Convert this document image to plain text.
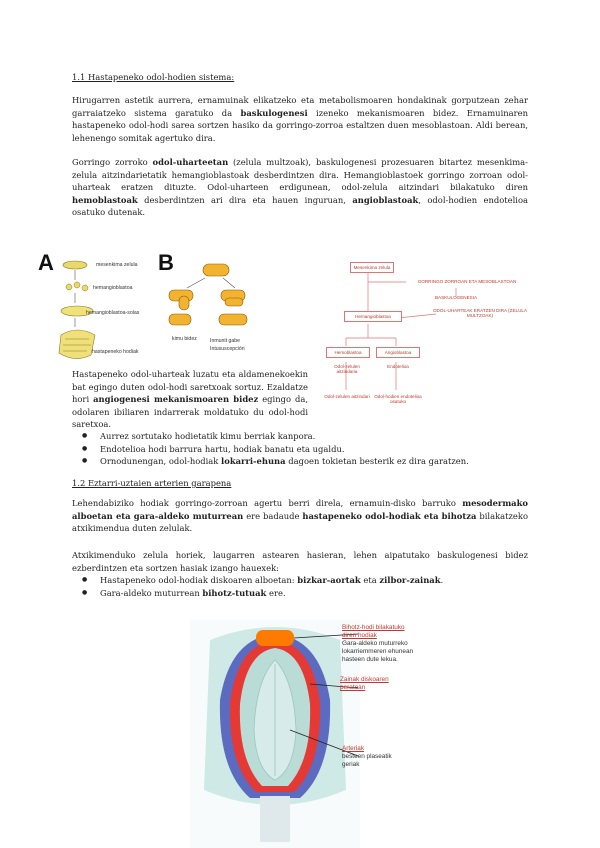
1.1 Hastapeneko odol-hodien sistema:
Hirugarren astetik aurrera, ernamuinak elikatzeko eta metabolismoaren hondakinak gorputzean zehar garraiatzeko sistema garatuko da baskulogenesi izeneko mekanismoaren bidez. Ernamuinaren hastapeneko odol-hodi sarea sortzen hasiko da gorringo-zorroa estaltzen duen mesoblastoan. Aldi berean, lehenengo somitak agertuko dira.
Gorringo zorroko odol-uharteetan (zelula multzoak), baskulogenesi prozesuaren bitartez mesenkima-zelula aitzindarietatik hemangioblastoak desberdintzen dira. Hemangioblastoek gorringo zorroan odol-uharteak eratzen dituzte. Odol-uharteen erdigunean, odol-zelula aitzindari bilakatuko diren hemoblastoak desberdintzen ari dira eta hauen inguruan, angioblastoak, odol-hodien endotelioa osatuko dutenak.
A	mesenkima zelula
hemangioblastoa
hemangioblastoa-solas
hastapeneko hodiak
B
kimu bidez
Intususcepción
Inmunit gabe
Mesenkima zelula
GORRINGO ZORROAN ETA MESOBLASTOAN
BASKULOGENESIA
Hemangioblastoa
ODOL-UHARTEAK ERATZEN DIRA (ZELULA MULTZOAK)
Hemoblastoa	Angioblastoa
Odol-zelulen aitzindaria
Odol-zelulen aitzindari
Endotelioa
Odol-hodien endotelioa osatuko
Hastapeneko odol-uharteak luzatu eta aldamenekoekin bat egingo duten odol-hodi saretxoak sortuz. Ezaldatze hori angiogenesi mekanismoaren bidez egingo da, odolaren ibiliaren indarrerak moldatuko du odol-hodi saretxoa.
● Aurrez sortutako hodietatik kimu berriak kanpora.
● Endotelioa hodi barrura hartu, hodiak banatu eta ugaldu.
● Ornodunengan, odol-hodiak lokarri-ehuna dagoen tokietan besterik ez dira garatzen.
1.2 Eztarri-uztaien arterien garapena
Lehendabiziko hodiak gorringo-zorroan agertu berri direla, ernamuin-disko barruko mesodermako alboetan eta gara-aldeko muturrean ere badaude hastapeneko odol-hodiak eta bihotza bilakatzeko atxikimendua duten zelulak.
Atxikimenduko zelula horiek, laugarren astearen hasieran, lehen aipatutako baskulogenesi bidez ezberdintzen eta sortzen hasiak izango hauexek:
● Hastapeneko odol-hodiak diskoaren alboetan: bizkar-aortak eta zilbor-zainak.
● Gara-aldeko muturrean bihotz-tutuak ere.
Bihotz-hodi bilakatuko
diren hodiak
Gara-aldeko muturreko
lokarriemmeren ehunean
hasteen dute lekua.
Zainak diskoaren
peratean
Arteriak
besteen plaseatik
geriak
